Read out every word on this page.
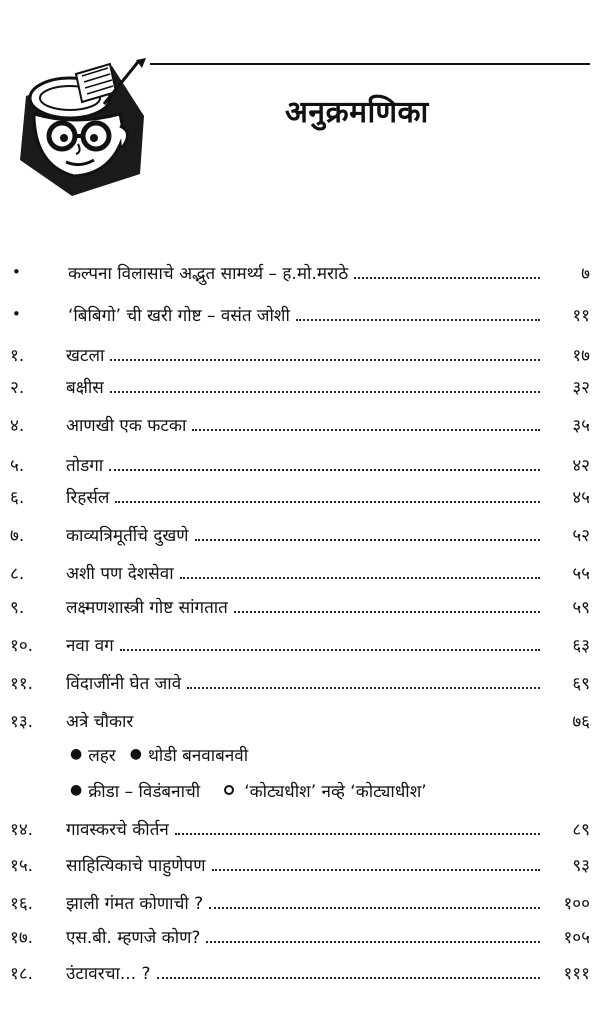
अनुक्रमणिका
•	कल्पना विलासाचे अद्भुत सामर्थ्य – ह.मो.मराठे	७
•	‘बिबिगो’ ची खरी गोष्ट – वसंत जोशी	११
१.	खटला	१७
२.	बक्षीस	३२
४.	आणखी एक फटका	३५
५.	तोडगा	४२
६.	रिहर्सल	४५
७.	काव्यत्रिमूर्तीचे दुखणे	५२
८.	अशी पण देशसेवा	५५
९.	लक्ष्मणशास्त्री गोष्ट सांगतात	५९
१०.	नवा वग	६३
११.	विंदाजींनी घेत जावे	६९
१३.	अत्रे चौकार	७६
● लहर ● थोडी बनवाबनवी
● क्रीडा – विडंबनाची	‘कोट्यधीश’ नव्हे ‘कोट्याधीश’
१४.	गावस्करचे कीर्तन	८९
१५.	साहित्यिकाचे पाहुणेपण	९३
१६.	झाली गंमत कोणाची ?	१००
१७.	एस.बी. म्हणजे कोण?	१०५
१८.	उंटावरचा... ?	१११
